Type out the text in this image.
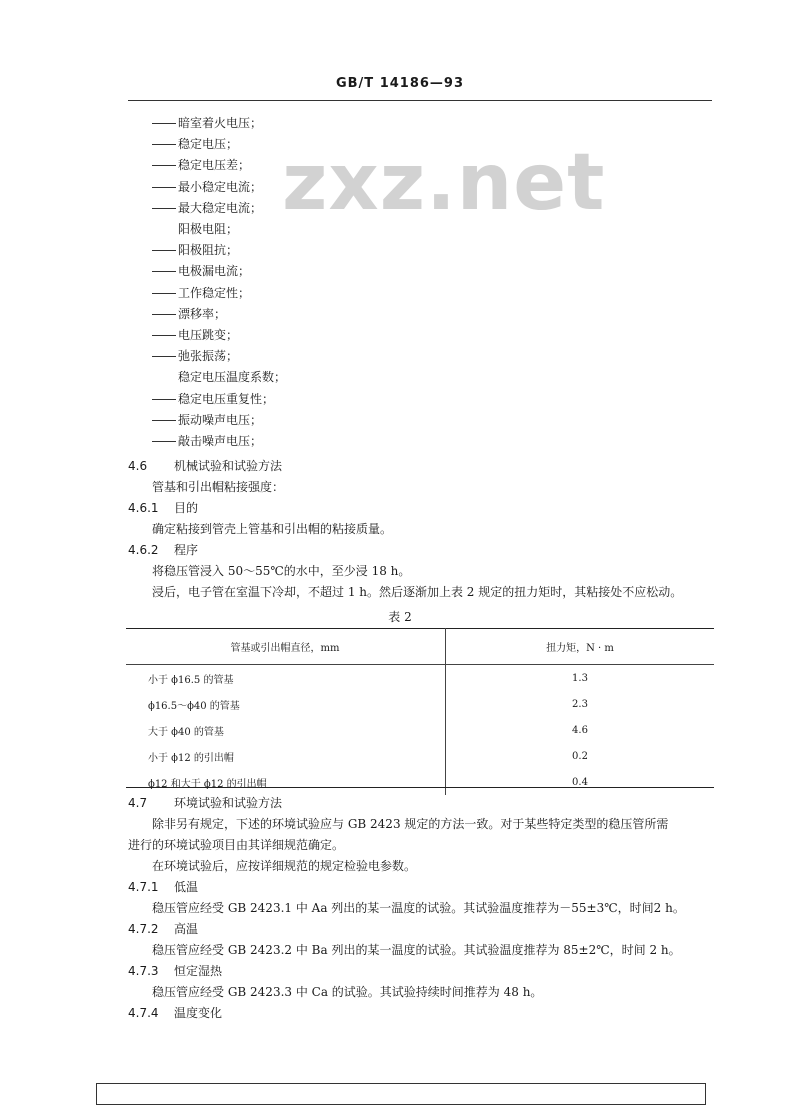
GB/T 14186—93
zxz.net
暗室着火电压；
稳定电压；
稳定电压差；
最小稳定电流；
最大稳定电流；
阳极电阻；
阳极阻抗；
电极漏电流；
工作稳定性；
漂移率；
电压跳变；
弛张振荡；
稳定电压温度系数；
稳定电压重复性；
振动噪声电压；
敲击噪声电压；
4.6 机械试验和试验方法
管基和引出帽粘接强度：
4.6.1 目的
确定粘接到管壳上管基和引出帽的粘接质量。
4.6.2 程序
将稳压管浸入 50～55℃的水中，至少浸 18 h。
浸后，电子管在室温下冷却，不超过 1 h。然后逐渐加上表 2 规定的扭力矩时，其粘接处不应松动。
表 2
管基或引出帽直径，mm	扭力矩，N · m
小于 ϕ16.5 的管基	1.3
ϕ16.5～ϕ40 的管基	2.3
大于 ϕ40 的管基	4.6
小于 ϕ12 的引出帽	0.2
ϕ12 和大于 ϕ12 的引出帽	0.4
4.7 环境试验和试验方法
除非另有规定，下述的环境试验应与 GB 2423 规定的方法一致。对于某些特定类型的稳压管所需
进行的环境试验项目由其详细规范确定。
在环境试验后，应按详细规范的规定检验电参数。
4.7.1 低温
稳压管应经受 GB 2423.1 中 Aa 列出的某一温度的试验。其试验温度推荐为－55±3℃，时间2 h。
4.7.2 高温
稳压管应经受 GB 2423.2 中 Ba 列出的某一温度的试验。其试验温度推荐为 85±2℃，时间 2 h。
4.7.3 恒定湿热
稳压管应经受 GB 2423.3 中 Ca 的试验。其试验持续时间推荐为 48 h。
4.7.4 温度变化
